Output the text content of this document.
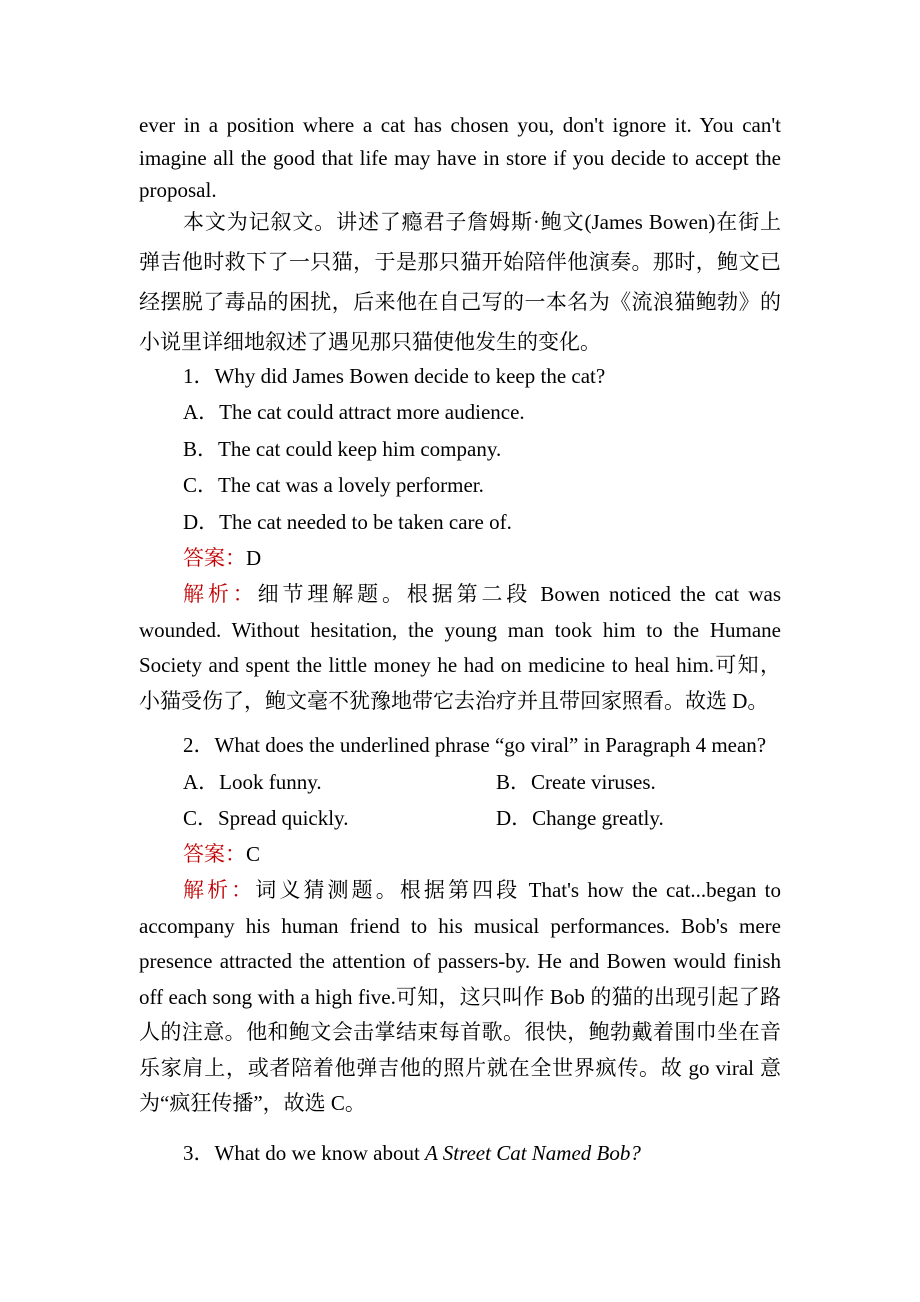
ever in a position where a cat has chosen you, don't ignore it. You can't imagine all the good that life may have in store if you decide to accept the proposal.
本文为记叙文。讲述了瘾君子詹姆斯·鲍文(James Bowen)在街上弹吉他时救下了一只猫，于是那只猫开始陪伴他演奏。那时，鲍文已经摆脱了毒品的困扰，后来他在自己写的一本名为《流浪猫鲍勃》的小说里详细地叙述了遇见那只猫使他发生的变化。
1．Why did James Bowen decide to keep the cat?
A．The cat could attract more audience.
B．The cat could keep him company.
C．The cat was a lovely performer.
D．The cat needed to be taken care of.
答案：D
解析：细节理解题。根据第二段 Bowen noticed the cat was wounded. Without hesitation, the young man took him to the Humane Society and spent the little money he had on medicine to heal him.可知，小猫受伤了，鲍文毫不犹豫地带它去治疗并且带回家照看。故选 D。
2．What does the underlined phrase “go viral” in Paragraph 4 mean?
A．Look funny.	B．Create viruses.
C．Spread quickly.	D．Change greatly.
答案：C
解析：词义猜测题。根据第四段 That's how the cat...began to accompany his human friend to his musical performances. Bob's mere presence attracted the attention of passers-by. He and Bowen would finish off each song with a high five.可知，这只叫作 Bob 的猫的出现引起了路人的注意。他和鲍文会击掌结束每首歌。很快，鲍勃戴着围巾坐在音乐家肩上，或者陪着他弹吉他的照片就在全世界疯传。故 go viral 意为“疯狂传播”，故选 C。
3．What do we know about A Street Cat Named Bob?
